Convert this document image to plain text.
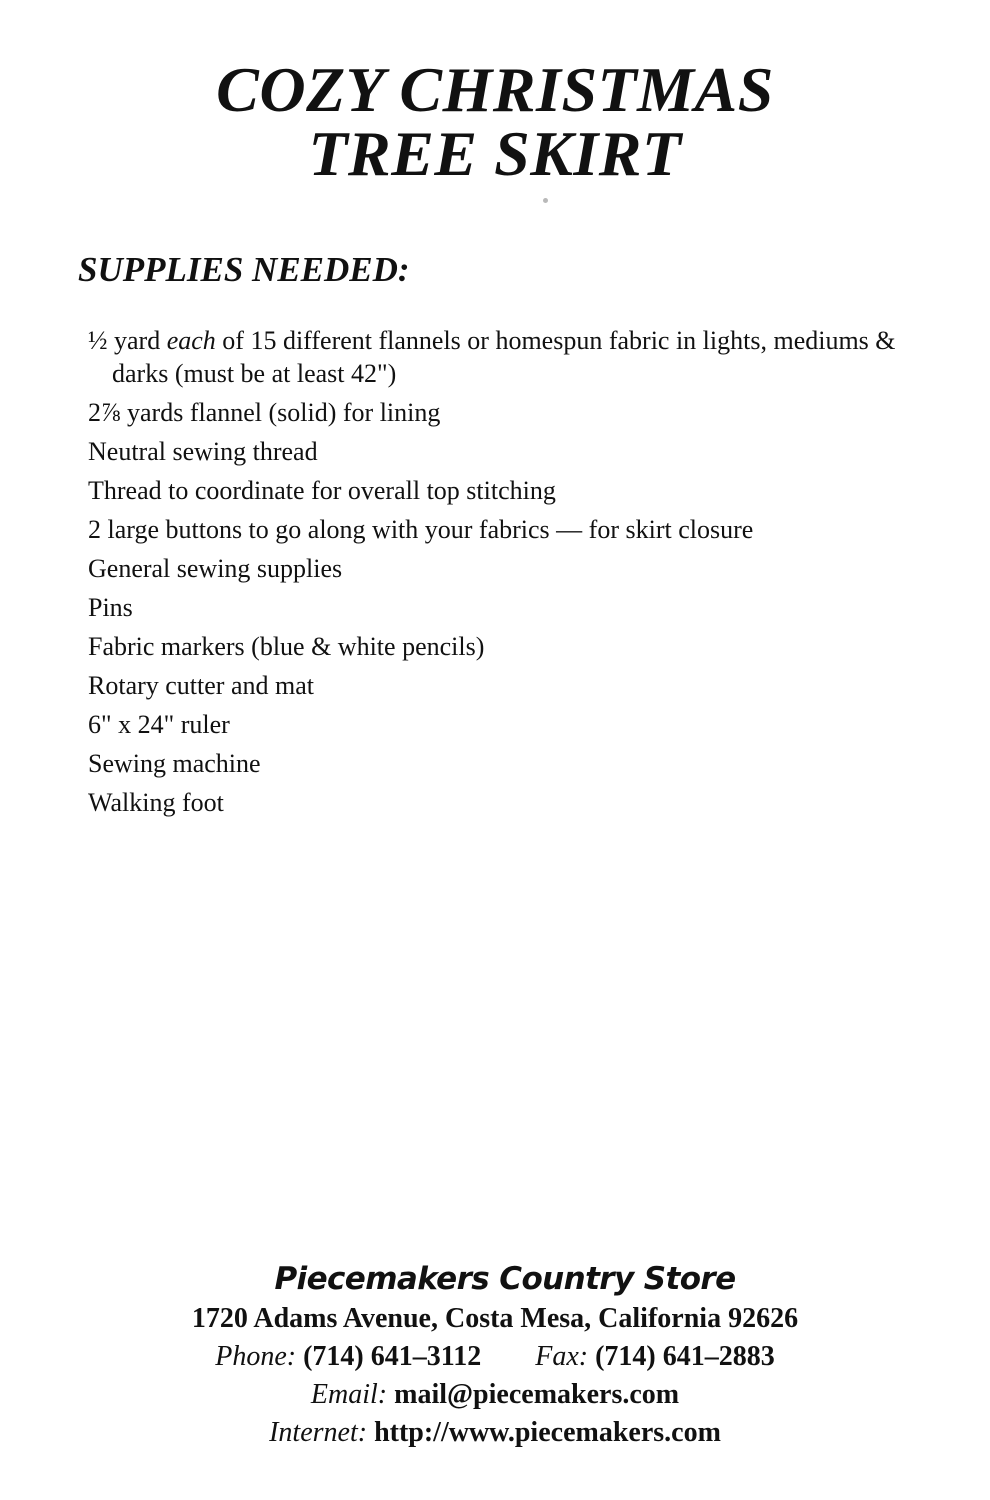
COZY CHRISTMAS
TREE SKIRT
SUPPLIES NEEDED:
½ yard each of 15 different flannels or homespun fabric in lights, mediums & darks (must be at least 42")
2⅞ yards flannel (solid) for lining
Neutral sewing thread
Thread to coordinate for overall top stitching
2 large buttons to go along with your fabrics — for skirt closure
General sewing supplies
Pins
Fabric markers (blue & white pencils)
Rotary cutter and mat
6" x 24" ruler
Sewing machine
Walking foot
Piecemakers Country Store
1720 Adams Avenue, Costa Mesa, California 92626
Phone: (714) 641–3112 Fax: (714) 641–2883
Email: mail@piecemakers.com
Internet: http://www.piecemakers.com
